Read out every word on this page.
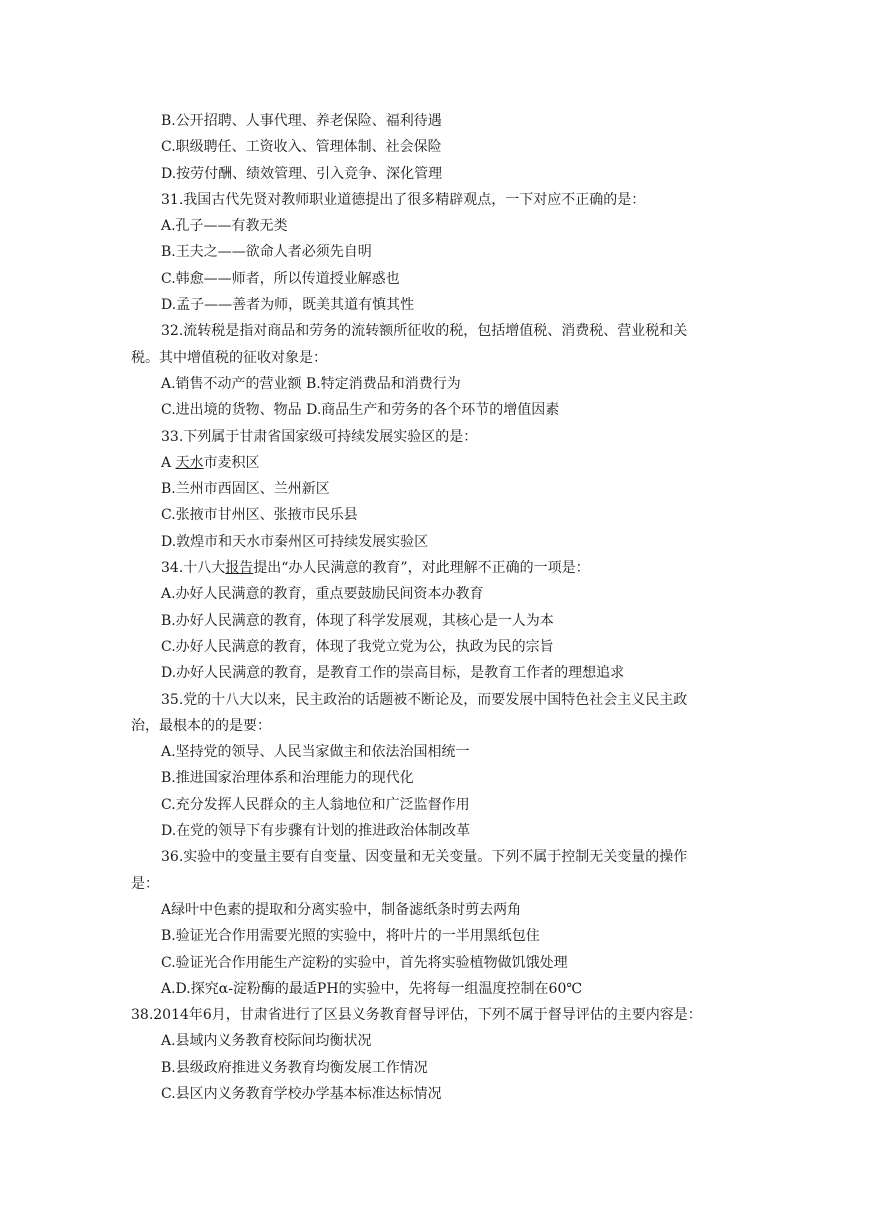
B.公开招聘、人事代理、养老保险、福利待遇
C.职级聘任、工资收入、管理体制、社会保险
D.按劳付酬、绩效管理、引入竞争、深化管理
31.我国古代先贤对教师职业道德提出了很多精辟观点，一下对应不正确的是：
A.孔子——有教无类
B.王夫之——欲命人者必须先自明
C.韩愈——师者，所以传道授业解惑也
D.孟子——善者为师，既美其道有慎其性
32.流转税是指对商品和劳务的流转额所征收的税，包括增值税、消费税、营业税和关
税。其中增值税的征收对象是：
A.销售不动产的营业额 B.特定消费品和消费行为
C.进出境的货物、物品 D.商品生产和劳务的各个环节的增值因素
33.下列属于甘肃省国家级可持续发展实验区的是：
A 天水市麦积区
B.兰州市西固区、兰州新区
C.张掖市甘州区、张掖市民乐县
D.敦煌市和天水市秦州区可持续发展实验区
34.十八大报告提出“办人民满意的教育”，对此理解不正确的一项是：
A.办好人民满意的教育，重点要鼓励民间资本办教育
B.办好人民满意的教育，体现了科学发展观，其核心是一人为本
C.办好人民满意的教育，体现了我党立党为公，执政为民的宗旨
D.办好人民满意的教育，是教育工作的崇高目标，是教育工作者的理想追求
35.党的十八大以来，民主政治的话题被不断论及，而要发展中国特色社会主义民主政
治，最根本的的是要：
A.坚持党的领导、人民当家做主和依法治国相统一
B.推进国家治理体系和治理能力的现代化
C.充分发挥人民群众的主人翁地位和广泛监督作用
D.在党的领导下有步骤有计划的推进政治体制改革
36.实验中的变量主要有自变量、因变量和无关变量。下列不属于控制无关变量的操作
是：
A绿叶中色素的提取和分离实验中，制备滤纸条时剪去两角
B.验证光合作用需要光照的实验中，将叶片的一半用黑纸包住
C.验证光合作用能生产淀粉的实验中，首先将实验植物做饥饿处理
A.D.探究α-淀粉酶的最适PH的实验中，先将每一组温度控制在60℃
38.2014年6月，甘肃省进行了区县义务教育督导评估，下列不属于督导评估的主要内容是：
A.县域内义务教育校际间均衡状况
B.县级政府推进义务教育均衡发展工作情况
C.县区内义务教育学校办学基本标准达标情况
